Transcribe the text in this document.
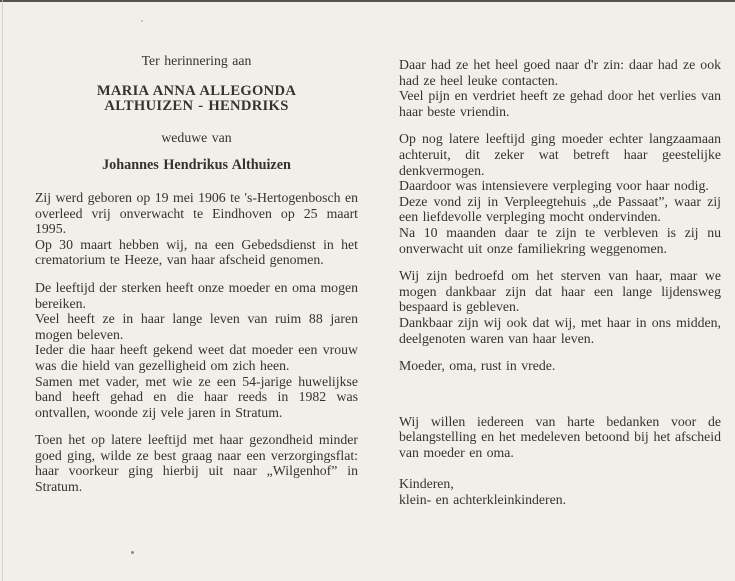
Ter herinnering aan
MARIA ANNA ALLEGONDA
ALTHUIZEN - HENDRIKS
weduwe van
Johannes Hendrikus Althuizen

Zij werd geboren op 19 mei 1906 te 's-Hertogenbosch en overleed vrij onverwacht te Eindhoven op 25 maart 1995.

Op 30 maart hebben wij, na een Gebedsdienst in het crematorium te Heeze, van haar afscheid genomen.

De leeftijd der sterken heeft onze moeder en oma mogen bereiken.

Veel heeft ze in haar lange leven van ruim 88 jaren mogen beleven.

Ieder die haar heeft gekend weet dat moeder een vrouw was die hield van gezelligheid om zich heen.

Samen met vader, met wie ze een 54-jarige huwelijkse band heeft gehad en die haar reeds in 1982 was ontvallen, woonde zij vele jaren in Stratum.

Toen het op latere leeftijd met haar gezondheid minder goed ging, wilde ze best graag naar een verzorgingsflat: haar voorkeur ging hierbij uit naar „Wilgenhof” in Stratum.

Daar had ze het heel goed naar d'r zin: daar had ze ook had ze heel leuke contacten.

Veel pijn en verdriet heeft ze gehad door het verlies van haar beste vriendin.

Op nog latere leeftijd ging moeder echter langzaamaan achteruit, dit zeker wat betreft haar geestelijke denkvermogen.

Daardoor was intensievere verpleging voor haar nodig.

Deze vond zij in Verpleegtehuis „de Passaat”, waar zij een liefdevolle verpleging mocht ondervinden.

Na 10 maanden daar te zijn te verbleven is zij nu onverwacht uit onze familiekring weggenomen.

Wij zijn bedroefd om het sterven van haar, maar we mogen dankbaar zijn dat haar een lange lijdensweg bespaard is gebleven.

Dankbaar zijn wij ook dat wij, met haar in ons midden, deelgenoten waren van haar leven.

Moeder, oma, rust in vrede.

Wij willen iedereen van harte bedanken voor de belangstelling en het medeleven betoond bij het afscheid van moeder en oma.

Kinderen,

klein- en achterkleinkinderen.
